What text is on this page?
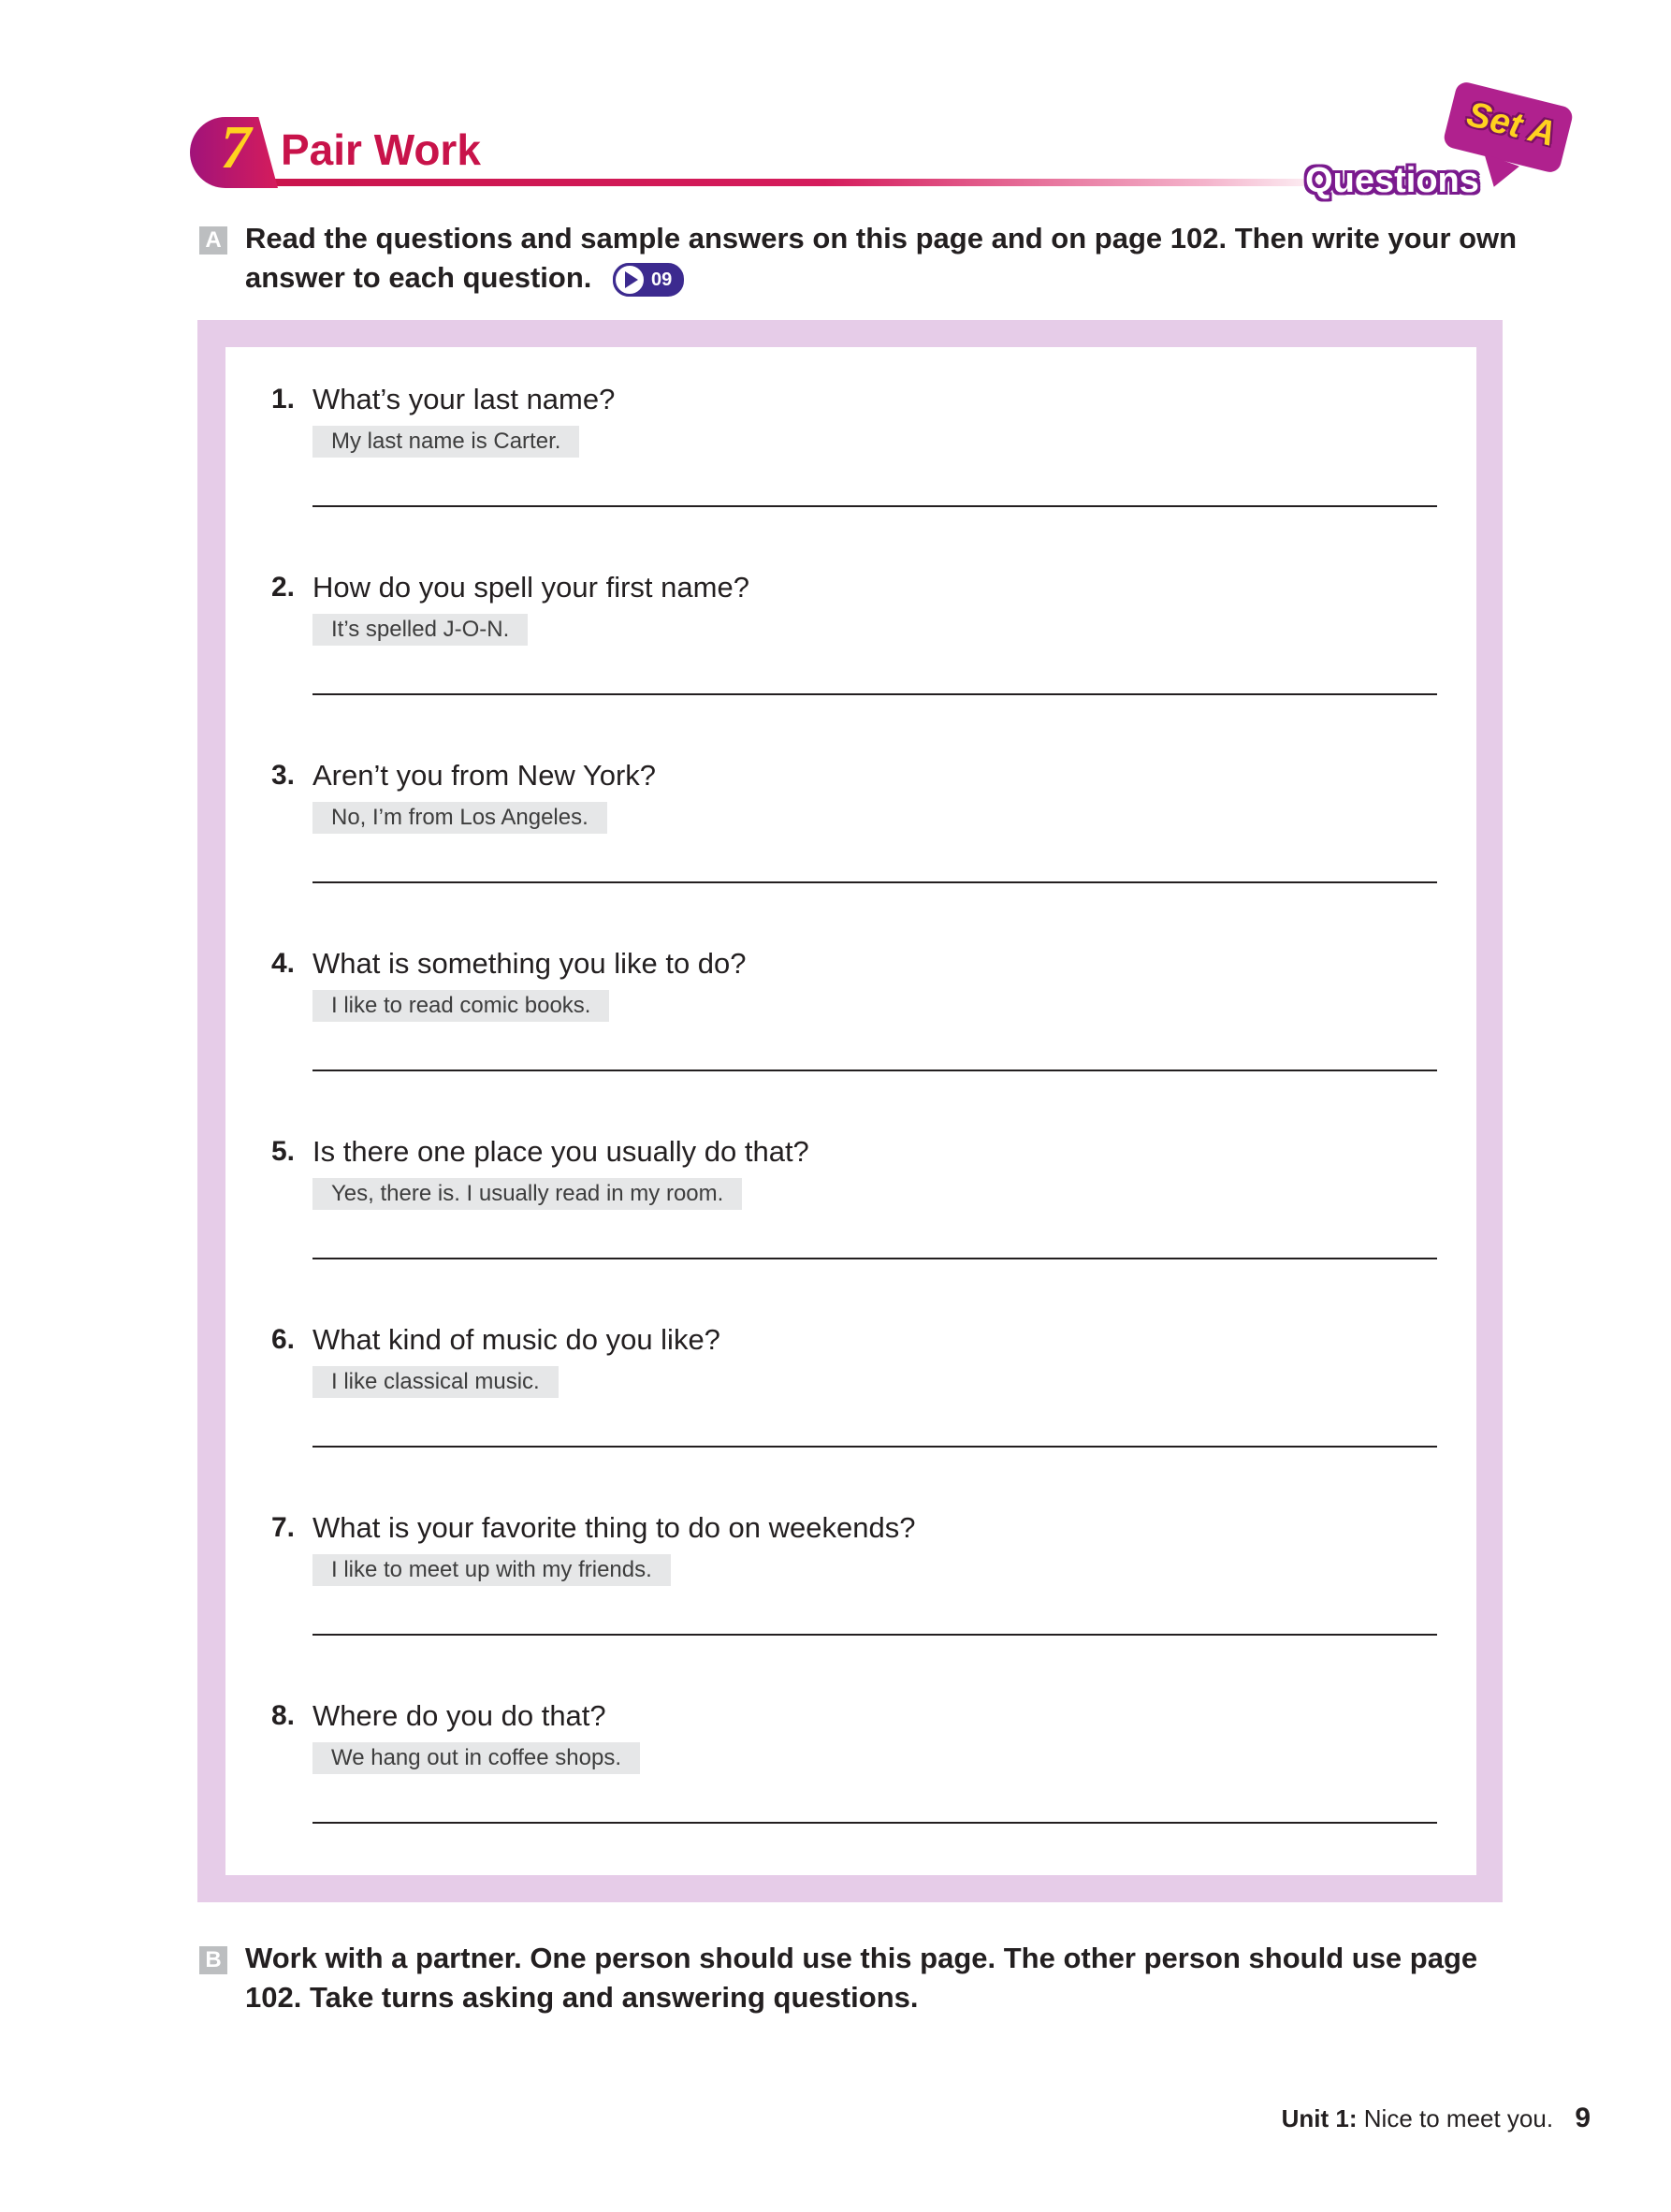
7 Pair Work	Set A
Questions
A Read the questions and sample answers on this page and on page 102. Then write your own answer to each question.	09
1. What’s your last name?
My last name is Carter.
2. How do you spell your first name?
It’s spelled J-O-N.
3. Aren’t you from New York?
No, I’m from Los Angeles.
4. What is something you like to do?
I like to read comic books.
5. Is there one place you usually do that?
Yes, there is. I usually read in my room.
6. What kind of music do you like?
I like classical music.
7. What is your favorite thing to do on weekends?
I like to meet up with my friends.
8. Where do you do that?
We hang out in coffee shops.
B Work with a partner. One person should use this page. The other person should use page 102. Take turns asking and answering questions.
Unit 1: Nice to meet you. 9
